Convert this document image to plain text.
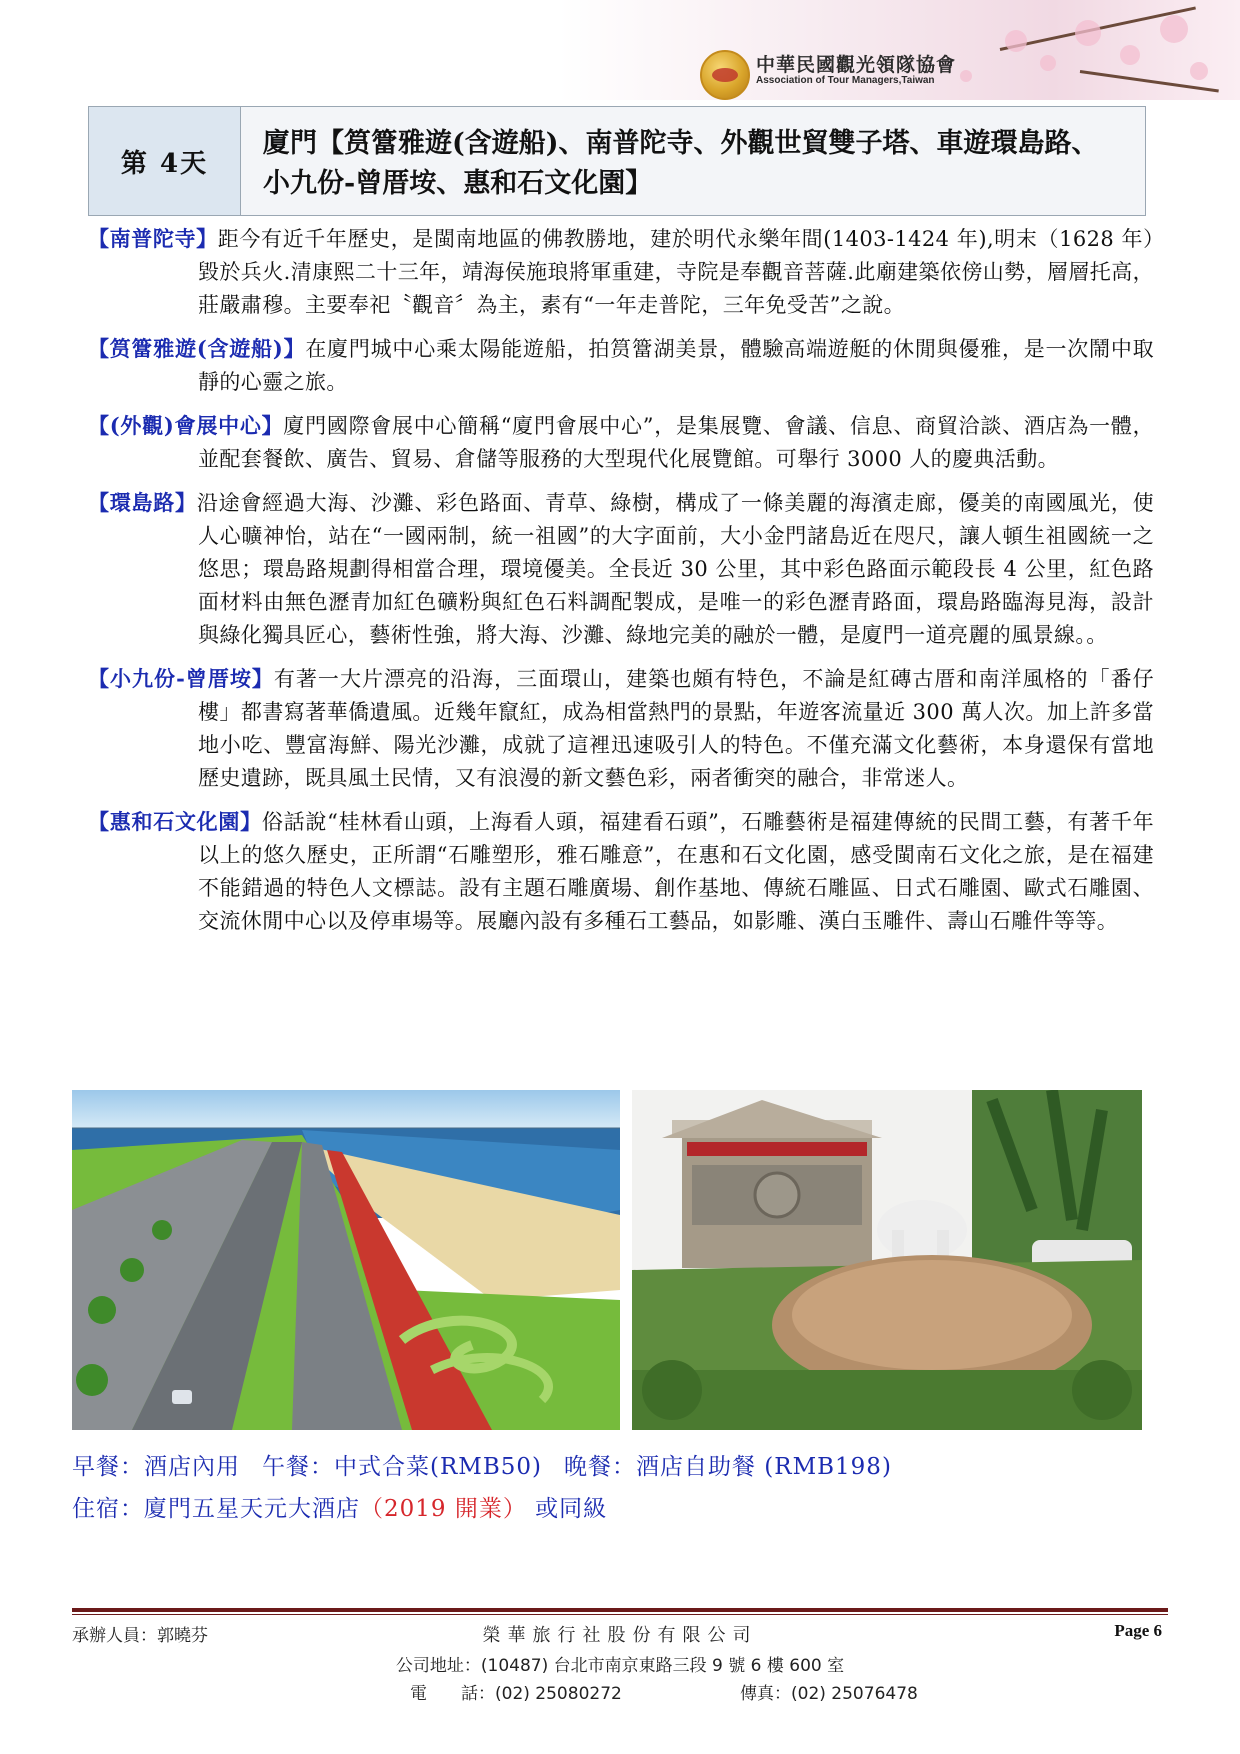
中華民國觀光領隊協會
Association of Tour Managers,Taiwan
第 4天
廈門【筼簹雅遊(含遊船)、南普陀寺、外觀世貿雙子塔、車遊環島路、小九份-曾厝垵、惠和石文化園】

【南普陀寺】距今有近千年歷史，是閩南地區的佛教勝地，建於明代永樂年間(1403-1424 年),明末（1628 年）毀於兵火.清康熙二十三年，靖海侯施琅將軍重建，寺院是奉觀音菩薩.此廟建築依傍山勢，層層托高，莊嚴肅穆。主要奉祀〝觀音〞為主，素有“一年走普陀，三年免受苦”之說。

【筼簹雅遊(含遊船)】在廈門城中心乘太陽能遊船，拍筼簹湖美景，體驗高端遊艇的休閒與優雅，是一次鬧中取靜的心靈之旅。

【(外觀)會展中心】廈門國際會展中心簡稱“廈門會展中心”，是集展覽、會議、信息、商貿洽談、酒店為一體，並配套餐飲、廣告、貿易、倉儲等服務的大型現代化展覽館。可舉行 3000 人的慶典活動。

【環島路】沿途會經過大海、沙灘、彩色路面、青草、綠樹，構成了一條美麗的海濱走廊，優美的南國風光，使人心曠神怡，站在“一國兩制，統一祖國”的大字面前，大小金門諸島近在咫尺，讓人頓生祖國統一之悠思；環島路規劃得相當合理，環境優美。全長近 30 公里，其中彩色路面示範段長 4 公里，紅色路面材料由無色瀝青加紅色礦粉與紅色石料調配製成，是唯一的彩色瀝青路面，環島路臨海見海，設計與綠化獨具匠心，藝術性強，將大海、沙灘、綠地完美的融於一體，是廈門一道亮麗的風景線。。

【小九份-曾厝垵】有著一大片漂亮的沿海，三面環山，建築也頗有特色，不論是紅磚古厝和南洋風格的「番仔樓」都書寫著華僑遺風。近幾年竄紅，成為相當熱門的景點，年遊客流量近 300 萬人次。加上許多當地小吃、豐富海鮮、陽光沙灘，成就了這裡迅速吸引人的特色。不僅充滿文化藝術，本身還保有當地歷史遺跡，既具風土民情，又有浪漫的新文藝色彩，兩者衝突的融合，非常迷人。

【惠和石文化園】俗話說“桂林看山頭，上海看人頭，福建看石頭”，石雕藝術是福建傳統的民間工藝，有著千年以上的悠久歷史，正所謂“石雕塑形，雅石雕意”，在惠和石文化園，感受閩南石文化之旅，是在福建不能錯過的特色人文標誌。設有主題石雕廣場、創作基地、傳統石雕區、日式石雕園、歐式石雕園、交流休閒中心以及停車場等。展廳內設有多種石工藝品，如影雕、漢白玉雕件、壽山石雕件等等。

早餐：酒店內用 午餐：中式合菜(RMB50) 晚餐：酒店自助餐 (RMB198)
住宿：廈門五星天元大酒店（2019 開業） 或同級
承辦人員：郭曉芬	榮華旅行社股份有限公司	Page 6
公司地址：(10487) 台北市南京東路三段 9 號 6 樓 600 室
電　　話：(02) 25080272	傳真：(02) 25076478
